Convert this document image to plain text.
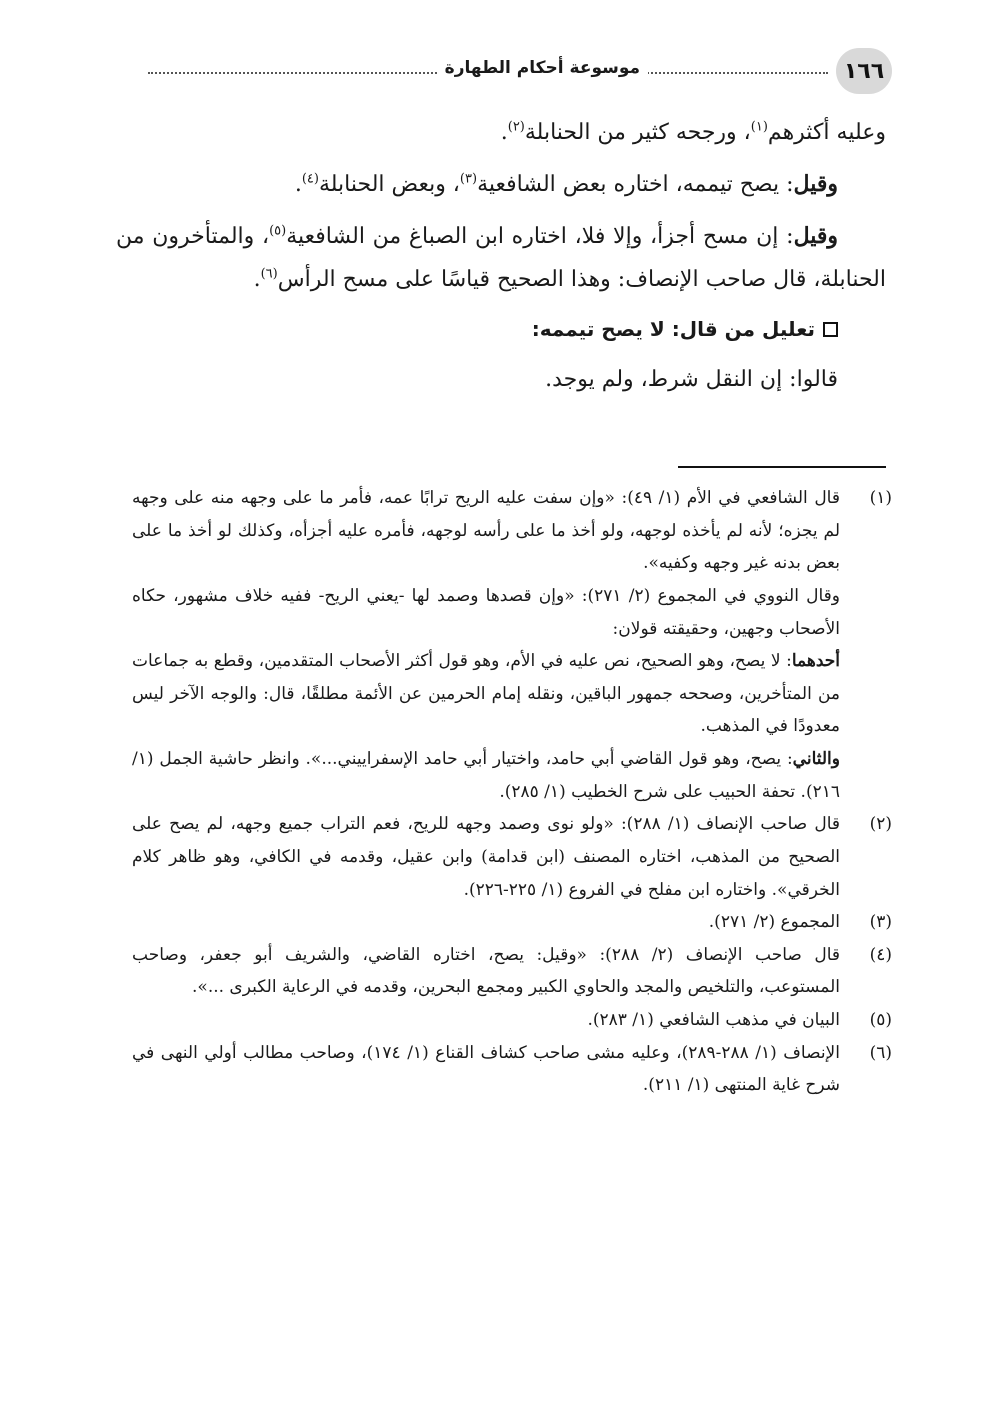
١٦٦
موسوعة أحكام الطهارة

وعليه أكثرهم$^{(١)}$، ورجحه كثير من الحنابلة$^{(٢)}$.

وقيل: يصح تيممه، اختاره بعض الشافعية$^{(٣)}$، وبعض الحنابلة$^{(٤)}$.

وقيل: إن مسح أجزأ، وإلا فلا، اختاره ابن الصباغ من الشافعية$^{(٥)}$، والمتأخرون من الحنابلة، قال صاحب الإنصاف: وهذا الصحيح قياسًا على مسح الرأس$^{(٦)}$.

تعليل من قال: لا يصح تيممه:

قالوا: إن النقل شرط، ولم يوجد.

(١)

قال الشافعي في الأم (١/ ٤٩): «وإن سفت عليه الريح ترابًا عمه، فأمر ما على وجهه منه على وجهه لم يجزه؛ لأنه لم يأخذه لوجهه، ولو أخذ ما على رأسه لوجهه، فأمره عليه أجزأه، وكذلك لو أخذ ما على بعض بدنه غير وجهه وكفيه».

وقال النووي في المجموع (٢/ ٢٧١): «وإن قصدها وصمد لها -يعني الريح- ففيه خلاف مشهور، حكاه الأصحاب وجهين، وحقيقته قولان:

أحدهما: لا يصح، وهو الصحيح، نص عليه في الأم، وهو قول أكثر الأصحاب المتقدمين، وقطع به جماعات من المتأخرين، وصححه جمهور الباقين، ونقله إمام الحرمين عن الأئمة مطلقًا، قال: والوجه الآخر ليس معدودًا في المذهب.

والثاني: يصح، وهو قول القاضي أبي حامد، واختيار أبي حامد الإسفراييني...». وانظر حاشية الجمل (١/ ٢١٦). تحفة الحبيب على شرح الخطيب (١/ ٢٨٥).

(٢)

قال صاحب الإنصاف (١/ ٢٨٨): «ولو نوى وصمد وجهه للريح، فعم التراب جميع وجهه، لم يصح على الصحيح من المذهب، اختاره المصنف (ابن قدامة) وابن عقيل، وقدمه في الكافي، وهو ظاهر كلام الخرقي». واختاره ابن مفلح في الفروع (١/ ٢٢٥-٢٢٦).

(٣)

المجموع (٢/ ٢٧١).

(٤)

قال صاحب الإنصاف (٢/ ٢٨٨): «وقيل: يصح، اختاره القاضي، والشريف أبو جعفر، وصاحب المستوعب، والتلخيص والمجد والحاوي الكبير ومجمع البحرين، وقدمه في الرعاية الكبرى ...».

(٥)

البيان في مذهب الشافعي (١/ ٢٨٣).

(٦)

الإنصاف (١/ ٢٨٨-٢٨٩)، وعليه مشى صاحب كشاف القناع (١/ ١٧٤)، وصاحب مطالب أولي النهى في شرح غاية المنتهى (١/ ٢١١).
